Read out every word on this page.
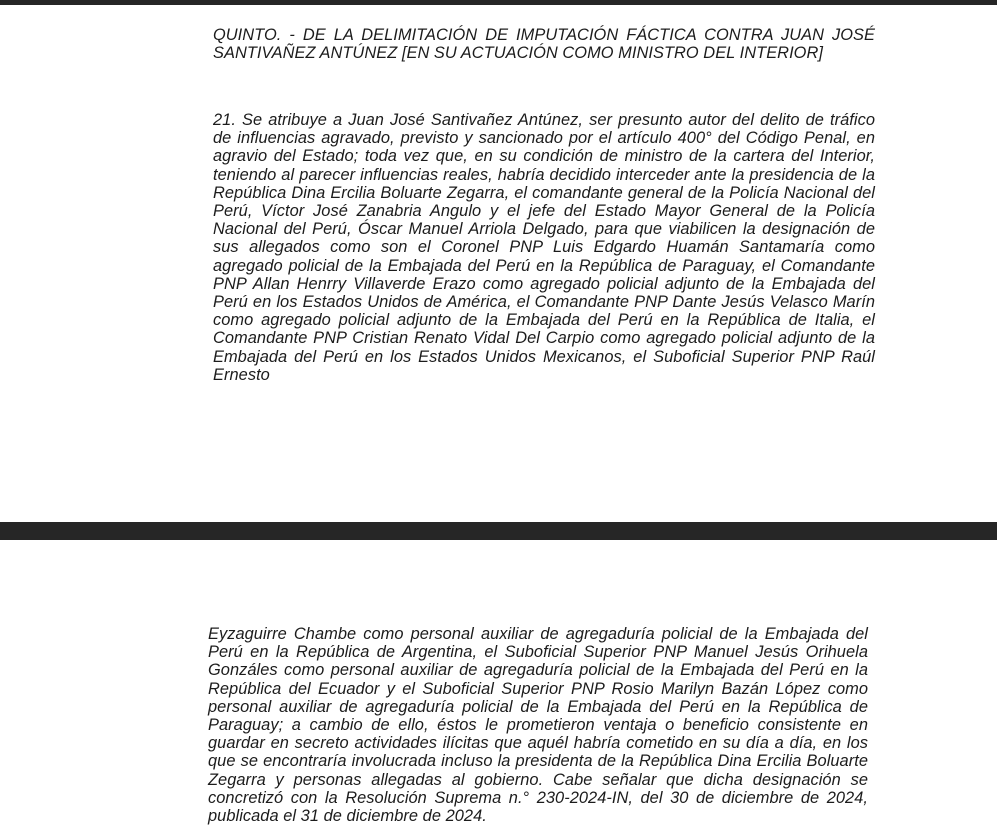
QUINTO. - DE LA DELIMITACIÓN DE IMPUTACIÓN FÁCTICA CONTRA JUAN JOSÉ SANTIVAÑEZ ANTÚNEZ [EN SU ACTUACIÓN COMO MINISTRO DEL INTERIOR]

21. Se atribuye a Juan José Santivañez Antúnez, ser presunto autor del delito de tráfico de influencias agravado, previsto y sancionado por el artículo 400° del Código Penal, en agravio del Estado; toda vez que, en su condición de ministro de la cartera del Interior, teniendo al parecer influencias reales, habría decidido interceder ante la presidencia de la República Dina Ercilia Boluarte Zegarra, el comandante general de la Policía Nacional del Perú, Víctor José Zanabria Angulo y el jefe del Estado Mayor General de la Policía Nacional del Perú, Óscar Manuel Arriola Delgado, para que viabilicen la designación de sus allegados como son el Coronel PNP Luis Edgardo Huamán Santamaría como agregado policial de la Embajada del Perú en la República de Paraguay, el Comandante PNP Allan Henrry Villaverde Erazo como agregado policial adjunto de la Embajada del Perú en los Estados Unidos de América, el Comandante PNP Dante Jesús Velasco Marín como agregado policial adjunto de la Embajada del Perú en la República de Italia, el Comandante PNP Cristian Renato Vidal Del Carpio como agregado policial adjunto de la Embajada del Perú en los Estados Unidos Mexicanos, el Suboficial Superior PNP Raúl Ernesto

Eyzaguirre Chambe como personal auxiliar de agregaduría policial de la Embajada del Perú en la República de Argentina, el Suboficial Superior PNP Manuel Jesús Orihuela Gonzáles como personal auxiliar de agregaduría policial de la Embajada del Perú en la República del Ecuador y el Suboficial Superior PNP Rosio Marilyn Bazán López como personal auxiliar de agregaduría policial de la Embajada del Perú en la República de Paraguay; a cambio de ello, éstos le prometieron ventaja o beneficio consistente en guardar en secreto actividades ilícitas que aquél habría cometido en su día a día, en los que se encontraría involucrada incluso la presidenta de la República Dina Ercilia Boluarte Zegarra y personas allegadas al gobierno. Cabe señalar que dicha designación se concretizó con la Resolución Suprema n.° 230-2024-IN, del 30 de diciembre de 2024, publicada el 31 de diciembre de 2024.
